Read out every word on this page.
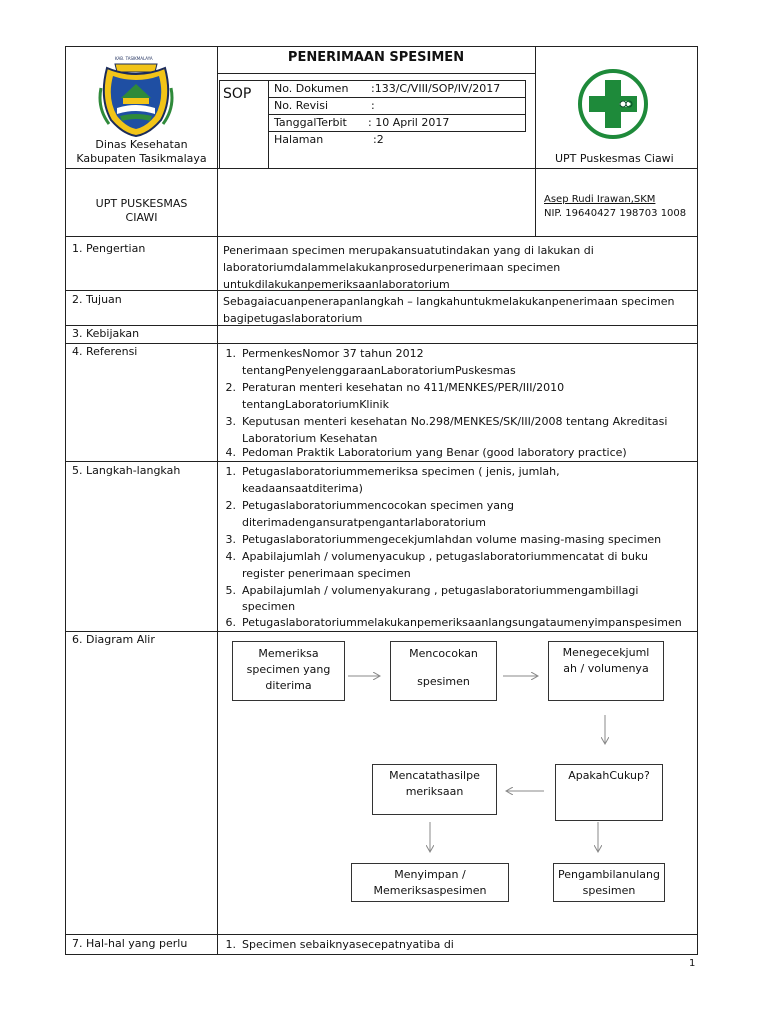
PENERIMAAN SPESIMEN
KAB. TASIKMALAYA
Dinas Kesehatan
Kabupaten Tasikmalaya
SOP No. Dokumen :133/C/VIII/SOP/IV/2017
No. Revisi	:
TanggalTerbit : 10 April 2017
Halaman	:2
UPT Puskesmas Ciawi
UPT PUSKESMAS
CIAWI
Asep Rudi Irawan,SKM
NIP. 19640427 198703 1008
1. Pengertian	Penerimaan specimen merupakansuatutindakan yang di lakukan di
laboratoriumdalammelakukanprosedurpenerimaan specimen
untukdilakukanpemeriksaanlaboratorium
2. Tujuan	Sebagaiacuanpenerapanlangkah – langkahuntukmelakukanpenerimaan specimen
bagipetugaslaboratorium
3. Kebijakan
4. Referensi	1. PermenkesNomor 37 tahun 2012
tentangPenyelenggaraanLaboratoriumPuskesmas
2. Peraturan menteri kesehatan no 411/MENKES/PER/III/2010
tentangLaboratoriumKlinik
3. Keputusan menteri kesehatan No.298/MENKES/SK/III/2008 tentang Akreditasi
Laboratorium Kesehatan
4. Pedoman Praktik Laboratorium yang Benar (good laboratory practice)
5. Langkah-langkah	1. Petugaslaboratoriummemeriksa specimen ( jenis, jumlah,
keadaansaatditerima)
2. Petugaslaboratoriummencocokan specimen yang
diterimadengansuratpengantarlaboratorium
3. Petugaslaboratoriummengecekjumlahdan volume masing-masing specimen
4. Apabilajumlah / volumenyacukup , petugaslaboratoriummencatat di buku
register penerimaan specimen
5. Apabilajumlah / volumenyakurang , petugaslaboratoriummengambillagi
specimen
6. Petugaslaboratoriummelakukanpemeriksaanlangsungataumenyimpanspesimen
6. Diagram Alir
Memeriksa
specimen yang
diterima
Mencocokan
spesimen
Menegecekjuml
ah / volumenya
ApakahCukup?
Mencatathasilpe
meriksaan
Menyimpan /
Memeriksaspesimen
Pengambilanulang
spesimen
7. Hal-hal yang perlu	1. Specimen sebaiknyasecepatnyatiba di
1
